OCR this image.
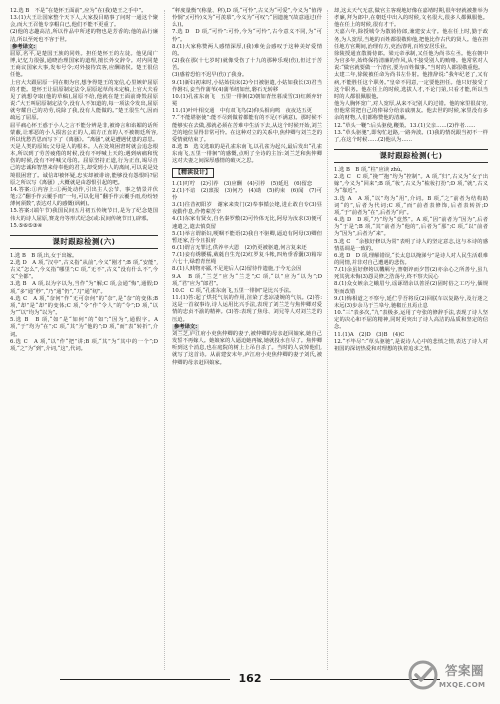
12.选 B　不是“在楚怀王面前”,应为“在(我)楚王之手中”。

13.(1)大王让国家整个天下人,大家投目睹事了问时一通这个聚会,而大王召他专享帽白已,他们不能不更重了。

(2)他的志趣高洁,所以作品中所述的物也是芳香的;他的品行廉洁,所以至死也不容于世。

参考译文:

屈原,名平,是楚国王族的同姓。担任楚怀王的左徒。他见闻广博,记忆力很强,通晓治理国家的道理,擅长外交辞令。对内同楚王商议国家大事,发布号令;对外接待宾客,应酬诸侯。楚王很信任他。

上官大夫跟屈原一同在朝为官,想争得楚王的宠信,心里嫉妒屈原的才能。楚怀王让屈原制定法令,屈原起草尚未定稿,上官大夫看见了就想夺取(他的草稿),屈原不给,他就在楚王面前谗毁屈原说:“大王叫屈原制定法令,没有人不知道的,每一项法令发出,屈原就夸耀自己的功劳,说除了我,没有人能做的。”楚王很生气,因而疏远了屈原。

屈平痛心怀王惑于小人之言不能分辨是非,被谗言和谄媚的话所蒙蔽,让邪恶的小人损害公正的人,端方正直的人不被朝廷所容,所以忧愁苦思而写下了《离骚》。“离骚”,就是遭遇忧患的意思。天是人类的原始;父母是人的根本。人在处境困窘时就会追念根本,所以到了劳苦疲倦的时候,没有不呼喊上天的;遇到病痛和忧伤的时候,没有不呼喊父母的。屈原坚持正道,行为正直,竭尽自己的忠诚和智慧来侍奉他的君主,却受到小人的离间,可以说是处境很困窘了。诚信却被怀疑,忠实却被诽谤,能够没有怨恨吗?屈原之所以写《离骚》,大概就是由怨恨引起的吧。

14.答案:①内容上:①两处动作,引出主人公节、事之情景并伏笔;②“翻手作云覆手雨”一句,可以化用“翻手作云覆手雨,纷纷轻薄何须数”,表达对人的感慨(讽刺)。

15.答案:(端午节)我国民间五月初五传统节日,是为了纪念楚国伟大的诗人屈原,赛龙舟等形式纪念(或:民间传统节日),辟邪。

15.⑤⑥⑤③④

课时跟踪检测(六)

1.选 B　B 项,出,女于出嫁。

2.选 D　A 项,“汉中”,古义指“从前”,今义“刚才”;B 项,“安能”,古义“怎么”,今义指“哪里”;C 项,“无不”,古义“没有什么不”,今义“全都”。

3.选 B　A 项,以为字以为,当作“为”解;C 项,会通“悔”,通假;D 项,“多”通“秒”,“乃”通“仍”,“刀”通“纫”。

4.选 C　A 项,“奈何”作“无可奈何”的“奈”,是“奈”的变体;B 项,“却”是“却”的变体;C 项,“令”作“令人”的“令”;D 项,“以为”“以”均为“以为”。

5.选 B　B 项,“如”是“如何”的“如”;“因为”,通假字。A 项,“于”均为“在”;C 项,“其”为“他的”;D 项,“而”表“转折”,介词。

6.选 C　A 项,“以”作“把”讲;B 项,“其”为“其中的一个”;D 项,“之”为“到”,介词,“这”,代词。

“秤度量衡”(称量、秤),D 项,“可怜”,古义为“可爱”,今义为“值得怜悯”;(可怜)义为“可羡慕”,今义为“可叹”;“因遗施”(故意通过(什么))。

7.选 D　D 项,“可怜”:可怜,今为“可怜”,古今意义不同,为“可怜”。

8.(1)大家称赞两人感情深厚,(我)难免会感叹于这种美好爱情的。

(2)我在那(十七岁时)就像受伤了十九的那种乐观(伤),但过于苦苦。

(3)感着恐怕不迟早(伤)了我身。

9.(1)新妇初来时,小姑始扶床(2)今日被驱遣,小姑如我长(3)君当作磐石,妾当作蒲苇(4)蒲苇纫如丝,磐石无转移

10.(1)孔雀东南飞　五里一徘徊(2)朝如青丝暮成雪(3)红颜弃轩冕

11.(1)叶叶相交通　中有双飞鸟(2)仰头相向鸣　夜夜达五更

7.“不能堪驱使”:能不尽到做着都能有的不足(不满意)。那时候不能够实在去做,那就必须在苦难中生活下去,从这个时候开始,刘兰芝的地位显得非常可怜。在这种对立的关系中,焦仲卿与刘兰芝的爱情就结束了。

8.选 B　选文选取的是孔雀东南飞,以孔雀为起兴,最后发出“孔雀东南飞,五里一徘徊”的感慨,点明了全诗的主旨:刘兰芝和焦仲卿这对夫妻之间深厚感情的破灭之思。

【精读设计】

1.(1)叮咛　(2)引荐　(3)应酬　(4)引荐　(5)延迟　(6)留恋

2.(1)不谙　(2)禀报　(3)何乃　(4)助　(5)约束　(6)闻　(7)可怜

3.(1)往昔初阳岁　谢家来贵门(2)奉事循公姥,进止敢自专(3)昼夜勤作息,伶俜萦苦辛

4.(1)东家有贤女,自名秦罗敷(2)可怜体无比,阿母为汝求(3)便可速遣之,遣去慎莫留

5.(1)举言谓新妇,哽咽不能语(2)我自不驱卿,逼迫有阿母(3)卿但暂还家,吾今且报府

6.(1)谓言无罪过,供养卒大恩　(2)仍更被驱遣,何言复来还

7.(1)妾有绣腰襦,葳蕤自生光(2)红罗复斗帐,四角垂香囊(3)箱帘六七十,绿碧青丝绳

8.(1)人贱物亦鄙,不足迎后人(2)留待作遗施,于今无会因

9.A　B 项,“兰芝”应为“兰芝”;C 项,“以”应为“以为”;D 项,“君”应为“郎君”。

10.C　C 项,“孔雀东南飞,五里一徘徊”是比兴手法。

11.(1)答:起了烘托气氛的作用,渲染了悲凉凄婉的气氛。(2)答:这是一首叙事诗,诗人运用比兴手法,表现了刘兰芝与焦仲卿对爱情的忠贞不渝的精神。(3)答:表现了焦母、刘兄等人对刘兰芝的压迫。

参考译文:

刘兰芝,庐江府小吏焦仲卿的妻子,被仲卿的母亲赶回娘家,她自己发誓不再嫁人。她娘家的人逼迫她再嫁,她就投水自尽了。焦仲卿听到这个消息,也在庭院的树上上吊自杀了。当时的人哀悼他们,就写了这首诗。从前建安末年,庐江府小吏焦仲卿的妻子刘氏,被仲卿的母亲赶回娘家。

却,这太天气无意,做官主客观地好像在嘉靖时期,很年轻就被推举为孝廉,拜为郎中,在朝廷中出入的时候,文名很大,很多人都佩服他。他在任上的时候,很有才干。

天嘉六年,除授城令为散骑侍郎,兼建安太守。他在任上时,勤于政务,为人宽厚,当地的百姓都很敬仰他,把他比作古代的贤人。他在担任地方官期间,治理有方,吏治清明,百姓安居乐业。

徐陵授通直散骑侍郎。梁元帝承制,又任他为尚书左丞。他在朝中为官多年,始终保持清廉的作风,从不接受别人的贿赂。他常常对人说:“做官就要做一个清官,要为百姓做事。”当时的人都很敬重他。

太建二年,徐陵被任命为尚书左仆射。他推辞说:“我年纪老了,又有病,不能胜任这个职务。”皇帝不同意,一定要他担任。他只好接受了这个职务。他在任上的时候,选拔人才,不论门第,只看才能,所以当时的人都很佩服他。

他为人胸怀宽广,对人宽厚,从来不记别人的过错。他的家里很贫穷,但他常常把自己的俸禄分给亲戚朋友。他去世的时候,家里没有多余的财物,人们都称赞他的清廉。

12.“草头一鞭”:后头驱使,鞭策。13.(1)父亲……(2)作者……

13.“草头驱驰”,即匆忙赶路,一路奔波。(1)我的情况跟当初不一样了,在这个时候……(2)他认为……

课时跟踪检测(七)

1.选 B　B 项,“柱”应读 zhù。

2.选 C　C 项,“挽”“抱”均为“控制”。A 项,“归”,古义为“女子出嫁”,今义为“回来”;B 项,“妆”,古义为“梳妆打扮”;D 项,“就”,古义为“靠近”。

3.选 A　A 项,“以”均为“用”,介词。B 项,“之”前者为结构助词“的”,后者为代词;C 项,“而”前者表修饰,后者表转折;D 项,“于”前者为“在”,后者为“向”。

4.选 D　D 项,“乃”均为“竟然”。A 项,“因”前者为“因为”,后者为“于是”;B 项,“其”前者为“他的”,后者为“那”;C 项,“以”前者为“因为”,后者为“来”。

5.选 C　“余独好修以为常”表明了诗人的坚定意志,这与本诗的感情基调是一致的。

6.选 D　D 项,理解错误,“长太息以掩涕兮”是诗人对人民生活艰难的同情,并非对自己遭遇的悲伤。

7.(1)余虽好修姱以鞿羁兮,謇朝谇而夕替(2)亦余心之所善兮,虽九死其犹未悔(3)怨灵修之浩荡兮,终不察夫民心

8.(1)众女嫉余之蛾眉兮,谣诼谓余以善淫(2)固时俗之工巧兮,偭规矩而改错

9.(1)悔相道之不察兮,延伫乎吾将反(2)回朕车以复路兮,及行迷之未远(3)步余马于兰皋兮,驰椒丘且焉止息

10.“三”表多次,“九”表极多,运用了夸张的修辞手法,表现了诗人坚定的决心和不屈的精神,同时更突出了诗人高洁的品质和坚定的信念。

11.(1)A　(2)D　(3)B　(4)C

12.“不毕尽”:“草头驱驰”,是说诗人心中的悲愤之情,表达了诗人对祖国的深切热爱和对理想的执着追求之情。

162
答案圈
MXQE.COM
